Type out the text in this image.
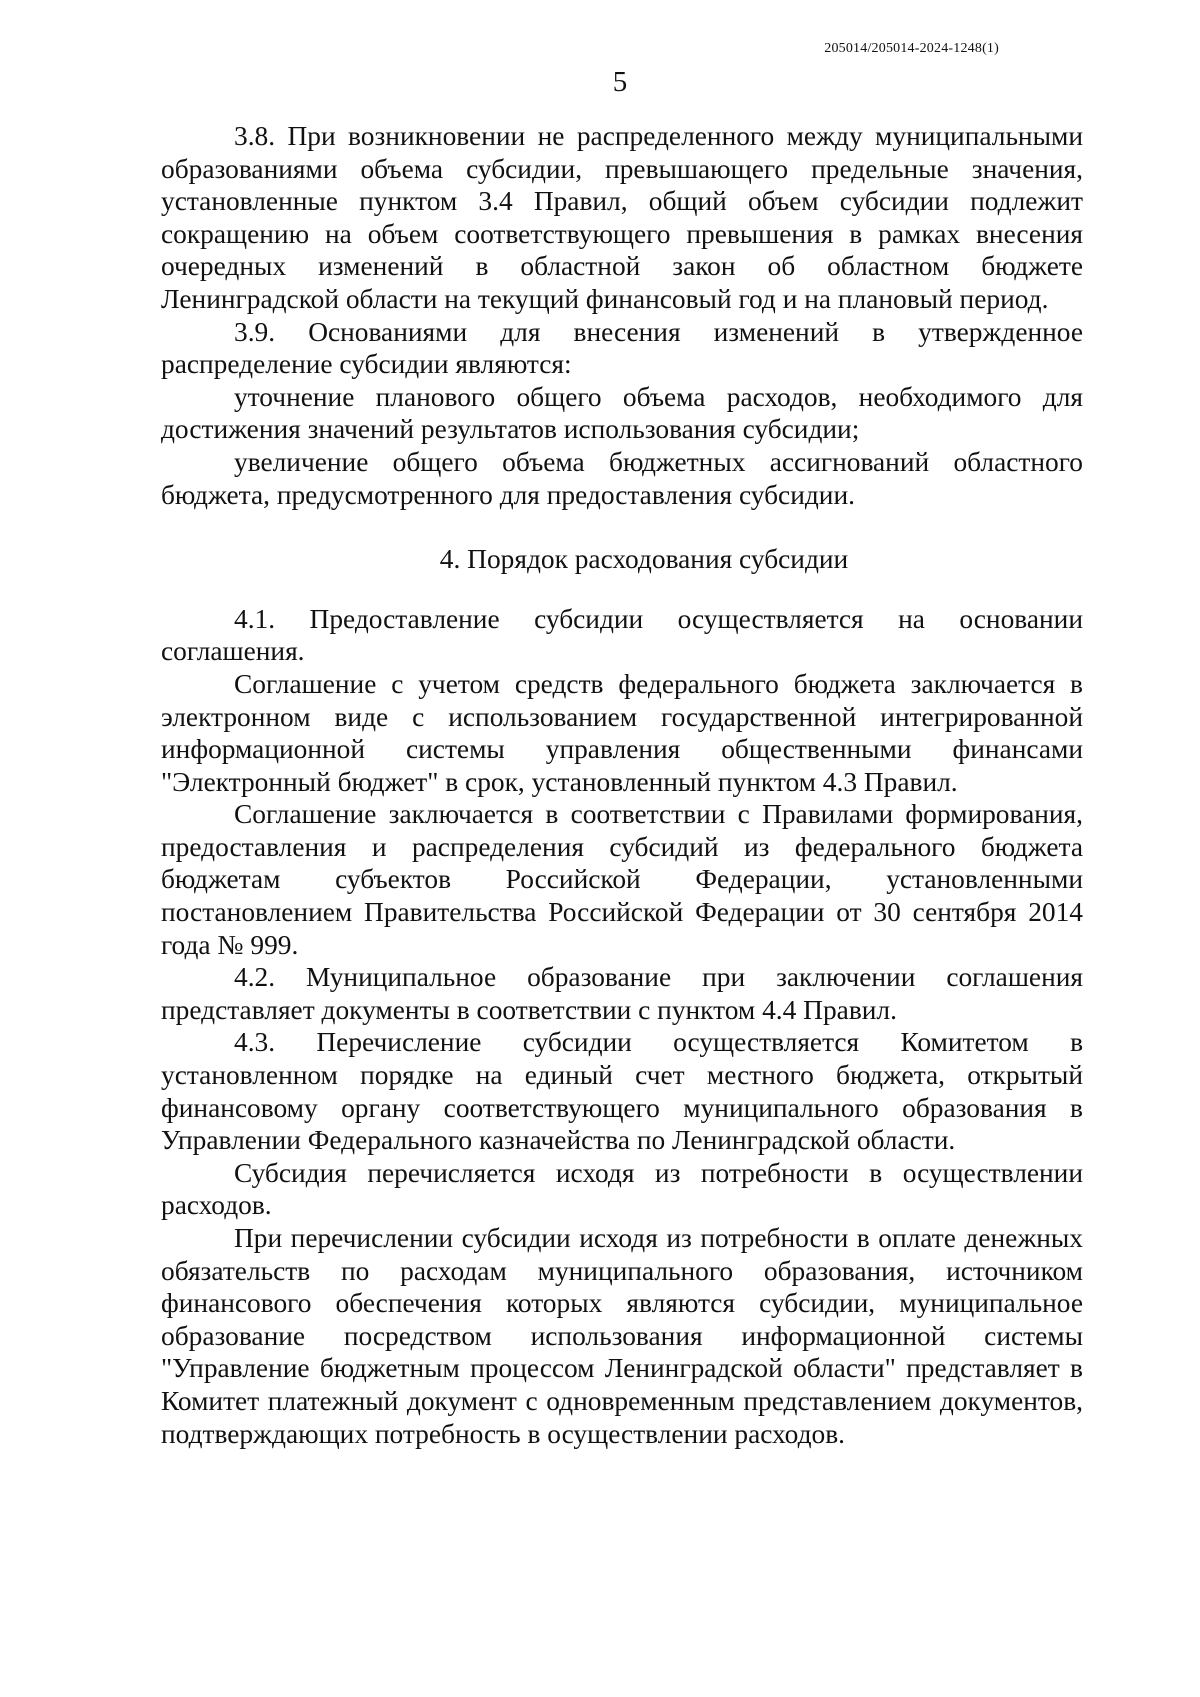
205014/205014-2024-1248(1)
5

3.8. При возникновении не распределенного между муниципальными образованиями объема субсидии, превышающего предельные значения, установленные пунктом 3.4 Правил, общий объем субсидии подлежит сокращению на объем соответствующего превышения в рамках внесения очередных изменений в областной закон об областном бюджете Ленинградской области на текущий финансовый год и на плановый период.

3.9. Основаниями для внесения изменений в утвержденное распределение субсидии являются:

уточнение планового общего объема расходов, необходимого для достижения значений результатов использования субсидии;

увеличение общего объема бюджетных ассигнований областного бюджета, предусмотренного для предоставления субсидии.

4. Порядок расходования субсидии

4.1. Предоставление субсидии осуществляется на основании соглашения.

Соглашение с учетом средств федерального бюджета заключается в электронном виде с использованием государственной интегрированной информационной системы управления общественными финансами "Электронный бюджет" в срок, установленный пунктом 4.3 Правил.

Соглашение заключается в соответствии с Правилами формирования, предоставления и распределения субсидий из федерального бюджета бюджетам субъектов Российской Федерации, установленными постановлением Правительства Российской Федерации от 30 сентября 2014 года № 999.

4.2. Муниципальное образование при заключении соглашения представляет документы в соответствии с пунктом 4.4 Правил.

4.3. Перечисление субсидии осуществляется Комитетом в установленном порядке на единый счет местного бюджета, открытый финансовому органу соответствующего муниципального образования в Управлении Федерального казначейства по Ленинградской области.

Субсидия перечисляется исходя из потребности в осуществлении расходов.

При перечислении субсидии исходя из потребности в оплате денежных обязательств по расходам муниципального образования, источником финансового обеспечения которых являются субсидии, муниципальное образование посредством использования информационной системы "Управление бюджетным процессом Ленинградской области" представляет в Комитет платежный документ с одновременным представлением документов, подтверждающих потребность в осуществлении расходов.
